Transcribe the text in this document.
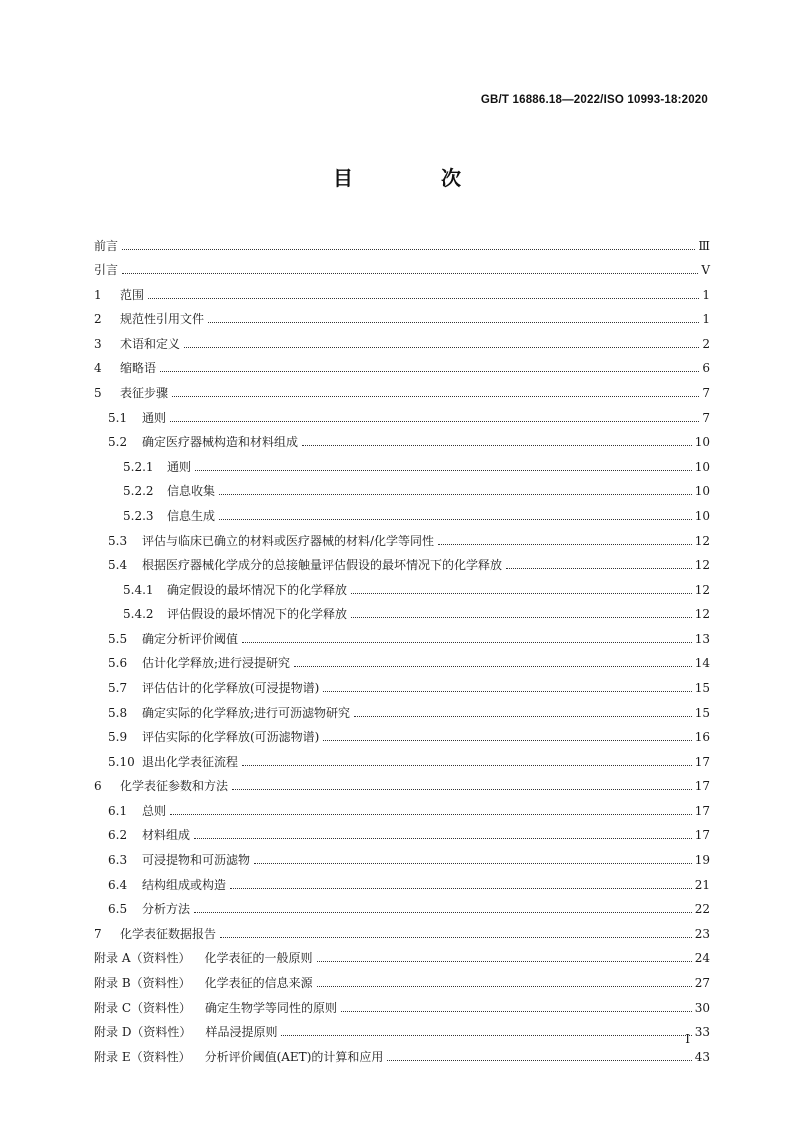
GB/T 16886.18—2022/ISO 10993-18:2020
目　次
前言	Ⅲ
引言	Ⅴ
1	范围	1
2	规范性引用文件	1
3	术语和定义	2
4	缩略语	6
5	表征步骤	7
5.1	通则	7
5.2	确定医疗器械构造和材料组成	10
5.2.1	通则	10
5.2.2	信息收集	10
5.2.3	信息生成	10
5.3	评估与临床已确立的材料或医疗器械的材料/化学等同性	12
5.4	根据医疗器械化学成分的总接触量评估假设的最坏情况下的化学释放	12
5.4.1	确定假设的最坏情况下的化学释放	12
5.4.2	评估假设的最坏情况下的化学释放	12
5.5	确定分析评价阈值	13
5.6	估计化学释放;进行浸提研究	14
5.7	评估估计的化学释放(可浸提物谱)	15
5.8	确定实际的化学释放;进行可沥滤物研究	15
5.9	评估实际的化学释放(可沥滤物谱)	16
5.10 退出化学表征流程	17
6	化学表征参数和方法	17
6.1	总则	17
6.2	材料组成	17
6.3	可浸提物和可沥滤物	19
6.4	结构组成或构造	21
6.5	分析方法	22
7	化学表征数据报告	23
附录 A（资料性） 化学表征的一般原则	24
附录 B（资料性） 化学表征的信息来源	27
附录 C（资料性） 确定生物学等同性的原则	30
附录 D（资料性） 样品浸提原则	33
附录 E（资料性） 分析评价阈值(AET)的计算和应用	43
Ⅰ
